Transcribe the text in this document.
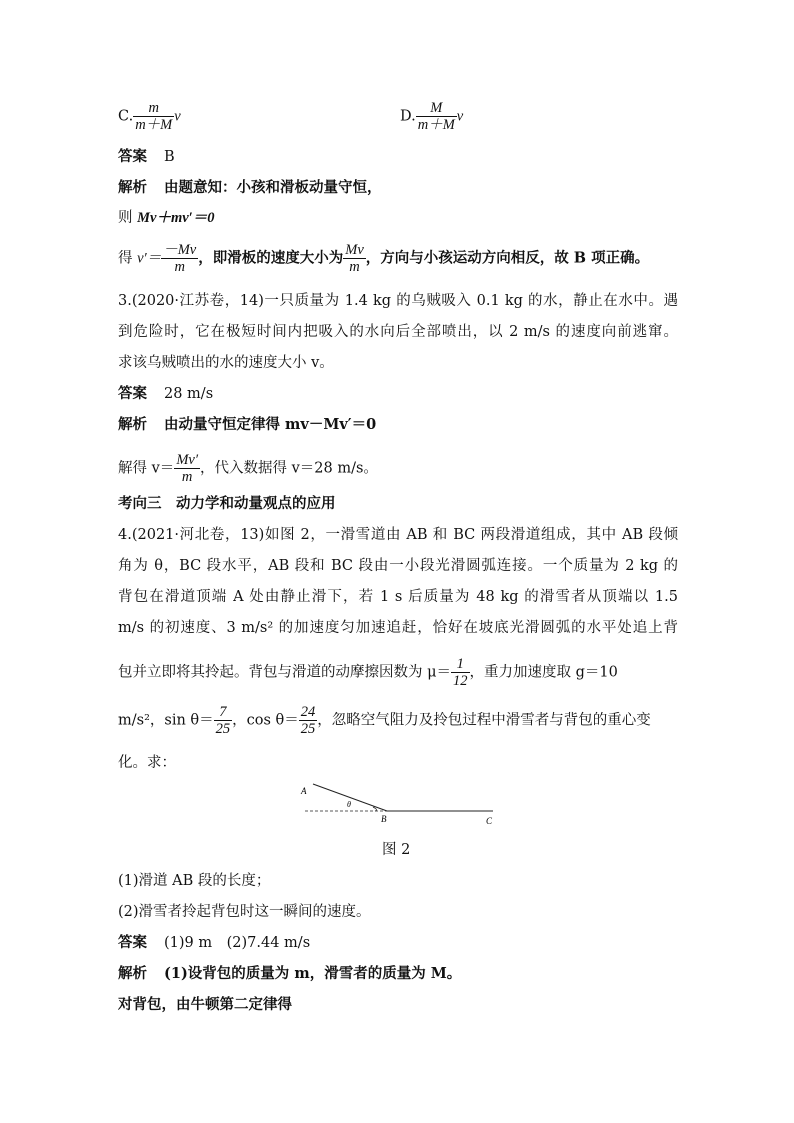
C. $\frac{m}{m+M}$ v	D. $\frac{M}{m+M}$ v
答案 B
解析 由题意知：小孩和滑板动量守恒，
则 Mv＋mv′＝0
得 $v'= \frac{-Mv}{m}$ ，即滑板的速度大小为 $\frac{Mv}{m}$ ，方向与小孩运动方向相反，故 B 项正确。
3.(2020·江苏卷，14)一只质量为 1.4 kg 的乌贼吸入 0.1 kg 的水，静止在水中。遇
到危险时，它在极短时间内把吸入的水向后全部喷出，以 2 m/s 的速度向前逃窜。
求该乌贼喷出的水的速度大小 v。
答案 28 m/s
解析 由动量守恒定律得 mv－Mv′＝0
解得 $v= \frac{Mv'}{m}$ ，代入数据得 v＝28 m/s。
考向三　动力学和动量观点的应用
4.(2021·河北卷，13)如图 2，一滑雪道由 AB 和 BC 两段滑道组成，其中 AB 段倾
角为 θ，BC 段水平，AB 段和 BC 段由一小段光滑圆弧连接。一个质量为 2 kg 的
背包在滑道顶端 A 处由静止滑下，若 1 s 后质量为 48 kg 的滑雪者从顶端以 1.5
m/s 的初速度、3 m/s² 的加速度匀加速追赶，恰好在坡底光滑圆弧的水平处追上背
包并立即将其拎起。背包与滑道的动摩擦因数为 $\mu= \frac{1}{12}$ ，重力加速度取 g＝10
m/s²，$\sin \theta= \frac{7}{25}$ ，$\cos \theta= \frac{24}{25}$ ，忽略空气阻力及拎包过程中滑雪者与背包的重心变
化。求：
A
θ
B	C
图 2
(1)滑道 AB 段的长度；
(2)滑雪者拎起背包时这一瞬间的速度。
答案 (1)9 m　(2)7.44 m/s
解析 (1)设背包的质量为 m，滑雪者的质量为 M。
对背包，由牛顿第二定律得
